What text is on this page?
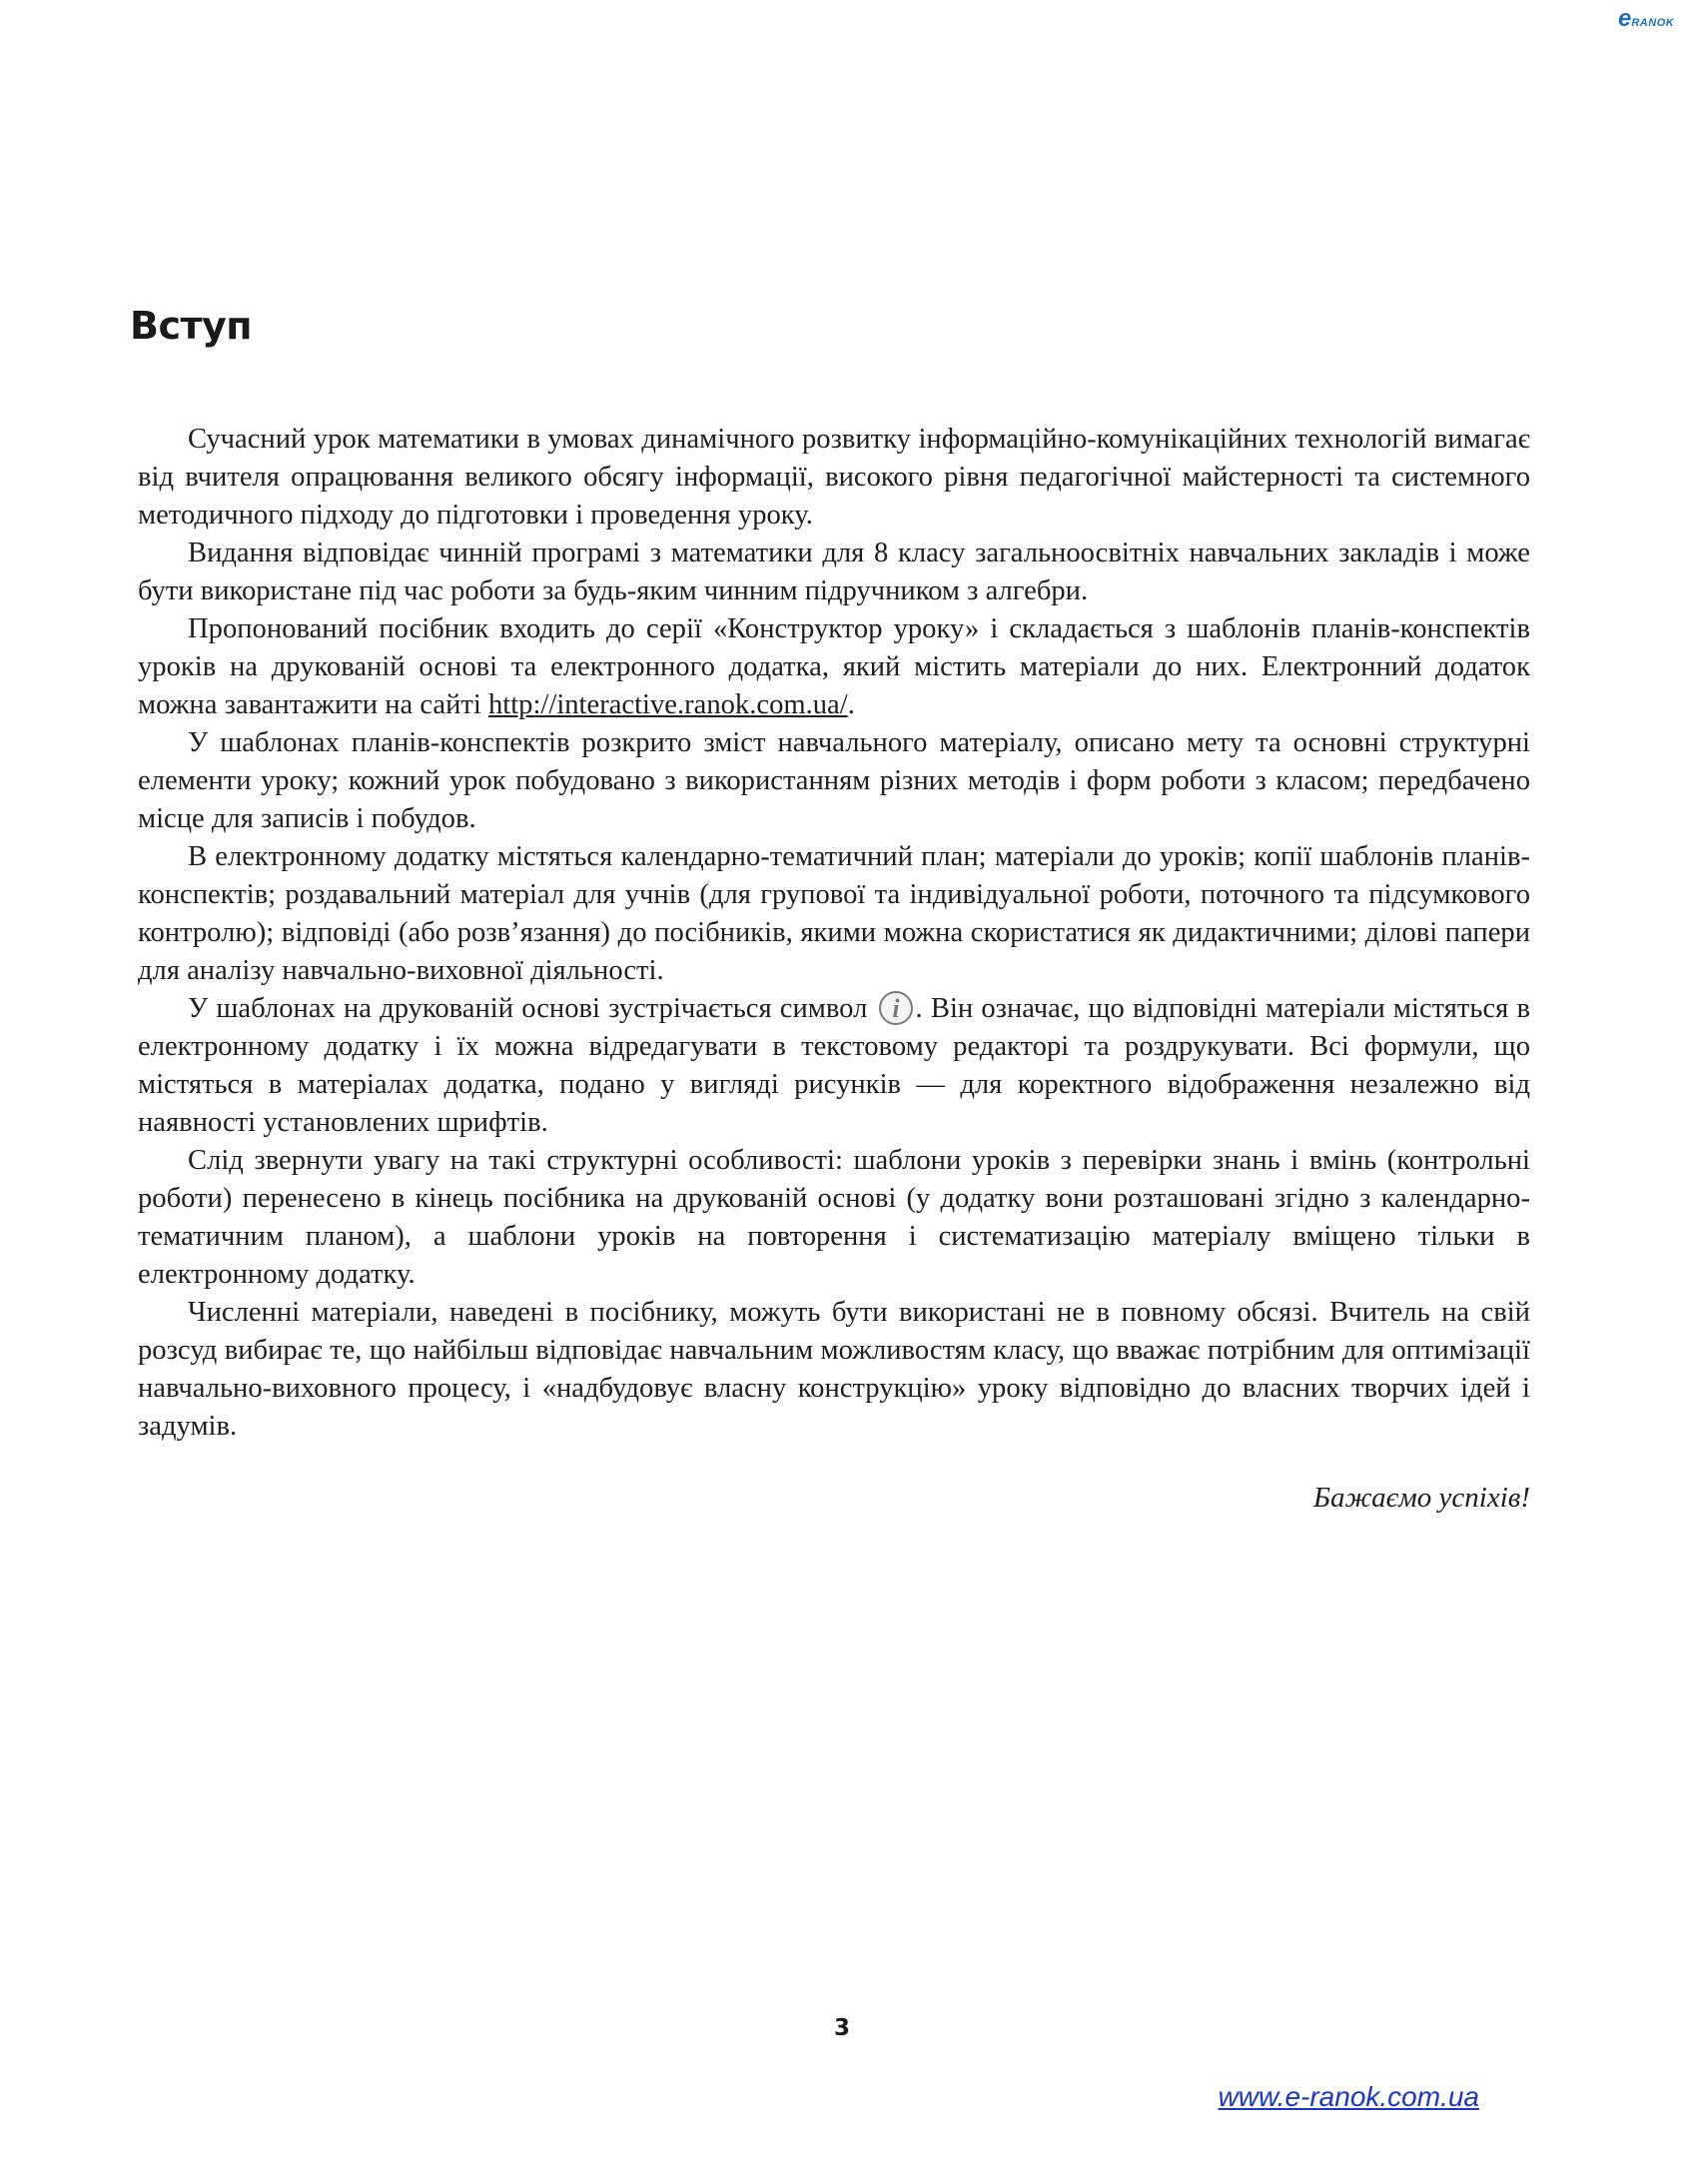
eRANOK
Вступ

Сучасний урок математики в умовах динамічного розвитку інформаційно-комунікаційних технологій вимагає від вчителя опрацювання великого обсягу інформації, високого рівня педагогічної майстерності та системного методичного підходу до підготовки і проведення уроку.

Видання відповідає чинній програмі з математики для 8 класу загальноосвітніх навчальних закладів і може бути використане під час роботи за будь-яким чинним підручником з алгебри.

Пропонований посібник входить до серії «Конструктор уроку» і складається з шаблонів планів-конспектів уроків на друкованій основі та електронного додатка, який містить матеріали до них. Електронний додаток можна завантажити на сайті http://interactive.ranok.com.ua/.

У шаблонах планів-конспектів розкрито зміст навчального матеріалу, описано мету та основні структурні елементи уроку; кожний урок побудовано з використанням різних методів і форм роботи з класом; передбачено місце для записів і побудов.

В електронному додатку містяться календарно-тематичний план; матеріали до уроків; копії шаблонів планів-конспектів; роздавальний матеріал для учнів (для групової та індивідуальної роботи, поточного та підсумкового контролю); відповіді (або розв’язання) до посібників, якими можна скористатися як дидактичними; ділові папери для аналізу навчально-виховної діяльності.

У шаблонах на друкованій основі зустрічається символ i . Він означає, що відповідні матеріали містяться в електронному додатку і їх можна відредагувати в текстовому редакторі та роздрукувати. Всі формули, що містяться в матеріалах додатка, подано у вигляді рисунків — для коректного відображення незалежно від наявності установлених шрифтів.

Слід звернути увагу на такі структурні особливості: шаблони уроків з перевірки знань і вмінь (контрольні роботи) перенесено в кінець посібника на друкованій основі (у додатку вони розташовані згідно з календарно-тематичним планом), а шаблони уроків на повторення і систематизацію матеріалу вміщено тільки в електронному додатку.

Численні матеріали, наведені в посібнику, можуть бути використані не в повному обсязі. Вчитель на свій розсуд вибирає те, що найбільш відповідає навчальним можливостям класу, що вважає потрібним для оптимізації навчально-виховного процесу, і «надбудовує власну конструкцію» уроку відповідно до власних творчих ідей і задумів.

Бажаємо успіхів!
3
www.e-ranok.com.ua
